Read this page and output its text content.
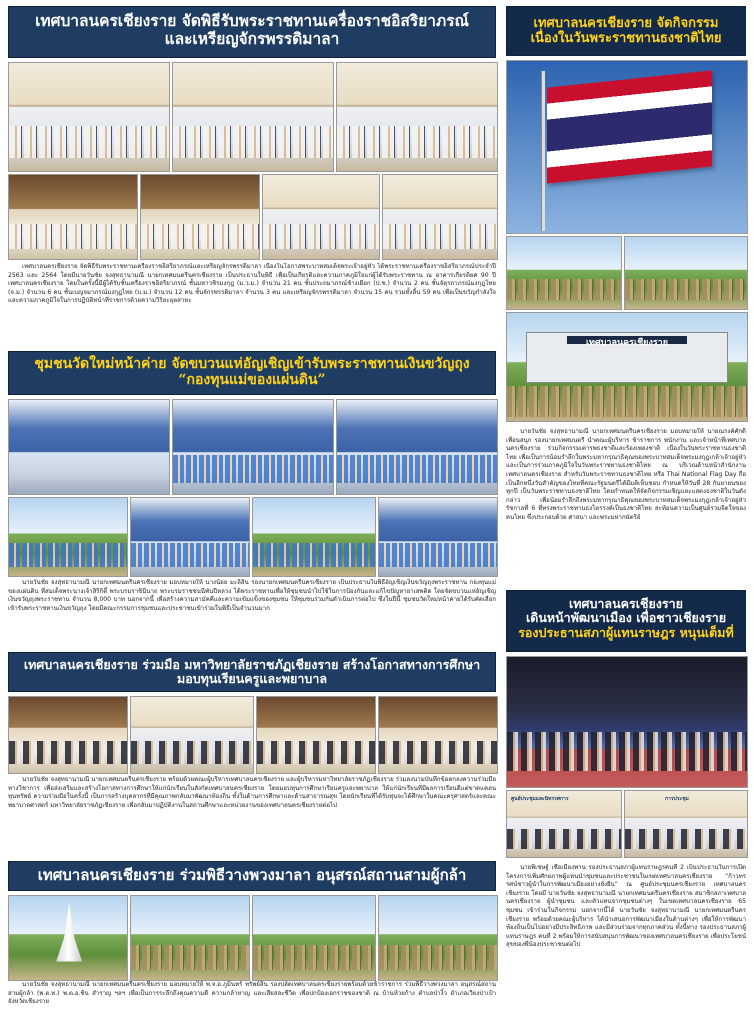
เทศบาลนครเชียงราย จัดพิธีรับพระราชทานเครื่องราชอิสริยาภรณ์
และเหรียญจักรพรรดิมาลา

เทศบาลนครเชียงราย จัดพิธีรับพระราชทานเครื่องราชอิสริยาภรณ์และเหรียญจักรพรรดิมาลา เนื่องในโอกาสพระบาทสมเด็จพระเจ้าอยู่หัว ได้พระราชทานเครื่องราชอิสริยาภรณ์ประจำปี 2563 และ 2564 โดยมีนายวันชัย จงสุทธานามณี นายกเทศมนตรีนครเชียงราย เป็นประธานในพิธี เพื่อเป็นเกียรติและความภาคภูมิใจแก่ผู้ได้รับพระราชทาน ณ อาคารเกียรติยศ 90 ปี เทศบาลนครเชียงราย โดยในครั้งนี้มีผู้ได้รับชั้นเครื่องราชอิสริยาภรณ์ ชั้นมหาวชิรมงกุฎ (ม.ว.ม.) จำนวน 21 คน ชั้นประถมาภรณ์ช้างเผือก (ป.ช.) จำนวน 2 คน ชั้นจัตุรถาภรณ์มงกุฎไทย (จ.ม.) จำนวน 6 คน ชั้นเบญจมาภรณ์มงกุฎไทย (บ.ม.) จำนวน 12 คน ชั้นจักรพรรดิมาลา จำนวน 3 คน และเหรียญจักรพรรดิมาลา จำนวน 15 คน รวมทั้งสิ้น 59 คน เพื่อเป็นขวัญกำลังใจและความภาคภูมิใจในการปฏิบัติหน้าที่ราชการด้วยความวิริยะอุตสาหะ

ชุมชนวัดใหม่หน้าค่าย จัดขบวนแห่อัญเชิญเข้ารับพระราชทานเงินขวัญถุง
“กองทุนแม่ของแผ่นดิน”

นายวันชัย จงสุทธานามณี นายกเทศมนตรีนครเชียงราย มอบหมายให้ นางน้อย มะลิสิน รองนายกเทศมนตรีนครเชียงราย เป็นประธานในพิธีอัญเชิญเงินขวัญถุงพระราชทาน กองทุนแม่ของแผ่นดิน ที่สมเด็จพระนางเจ้าสิริกิติ์ พระบรมราชินีนาถ พระบรมราชชนนีพันปีหลวง ได้พระราชทานเพื่อให้ชุมชนนำไปใช้ในการป้องกันและแก้ไขปัญหายาเสพติด โดยจัดขบวนแห่อัญเชิญเงินขวัญถุงพระราชทาน จำนวน 8,000 บาท นอกจากนี้ เพื่อสร้างความสามัคคีและความเข้มแข็งของชุมชน ให้ชุมชนร่วมกันดำเนินการต่อไป ซึ่งในปีนี้ ชุมชนวัดใหม่หน้าค่ายได้รับคัดเลือกเข้ารับพระราชทานเงินขวัญถุง โดยมีคณะกรรมการชุมชนและประชาชนเข้าร่วมในพิธีเป็นจำนวนมาก

เทศบาลนครเชียงราย ร่วมมือ มหาวิทยาลัยราชภัฏเชียงราย สร้างโอกาสทางการศึกษา
มอบทุนเรียนครูและพยาบาล

นายวันชัย จงสุทธานามณี นายกเทศมนตรีนครเชียงราย พร้อมด้วยคณะผู้บริหารเทศบาลนครเชียงราย และผู้บริหารมหาวิทยาลัยราชภัฏเชียงราย ร่วมลงนามบันทึกข้อตกลงความร่วมมือทางวิชาการ เพื่อส่งเสริมและสร้างโอกาสทางการศึกษาให้แก่นักเรียนในสังกัดเทศบาลนครเชียงราย โดยมอบทุนการศึกษาเรียนครูและพยาบาล ให้แก่นักเรียนที่มีผลการเรียนดีแต่ขาดแคลนทุนทรัพย์ ความร่วมมือในครั้งนี้ เป็นการสร้างบุคลากรที่มีคุณภาพกลับมาพัฒนาท้องถิ่น ทั้งในด้านการศึกษาและด้านสาธารณสุข โดยนักเรียนที่ได้รับทุนจะได้ศึกษาในคณะครุศาสตร์และคณะพยาบาลศาสตร์ มหาวิทยาลัยราชภัฏเชียงราย เพื่อกลับมาปฏิบัติงานในสถานศึกษาและหน่วยงานของเทศบาลนครเชียงรายต่อไป

เทศบาลนครเชียงราย ร่วมพิธีวางพวงมาลา อนุสรณ์สถานสามผู้กล้า

นายวันชัย จงสุทธานามณี นายกเทศมนตรีนครเชียงราย มอบหมายให้ พ.จ.อ.ภูมินทร์ ทรัพย์สิน รองปลัดเทศบาลนครเชียงรายพร้อมด้วยข้าราชการ ร่วมพิธีวางพวงมาลา อนุสรณ์สถานสามผู้กล้า (พ.ต.ท.) พ.ต.อ.ชิน สำราญ ฯลฯ เพื่อเป็นการระลึกถึงคุณความดี ความกล้าหาญ และเสียสละชีวิต เพื่อปกป้องเอกราชของชาติ ณ บ้านห้วยก้าง ตำบลป่างิ้ว อำเภอเวียงป่าเป้า จังหวัดเชียงราย

เทศบาลนครเชียงราย จัดกิจกรรม
เนื่องในวันพระราชทานธงชาติไทย
เทศบาลนครเชียงราย

นายวันชัย จงสุทธานามณี นายกเทศมนตรีนครเชียงราย มอบหมายให้ นายณรงค์ศักดิ์ เพื่อนสนุก รองนายกเทศมนตรี นำคณะผู้บริหาร ข้าราชการ พนักงาน และเจ้าหน้าที่เทศบาลนครเชียงราย ร่วมกิจกรรมเคารพธงชาติและร้องเพลงชาติ เนื่องในวันพระราชทานธงชาติไทย เพื่อเป็นการน้อมรำลึกในพระมหากรุณาธิคุณของพระบาทสมเด็จพระมงกุฎเกล้าเจ้าอยู่หัว และเป็นการร่วมภาคภูมิใจในวันพระราชทานธงชาติไทย ณ บริเวณด้านหน้าสำนักงานเทศบาลนครเชียงราย สำหรับวันพระราชทานธงชาติไทย หรือ Thai National Flag Day ถือเป็นอีกหนึ่งวันสำคัญของไทยที่คณะรัฐมนตรีได้มีมติเห็นชอบ กำหนดให้วันที่ 28 กันยายนของทุกปี เป็นวันพระราชทานธงชาติไทย โดยกำหนดให้จัดกิจกรรมเชิญและแสดงธงชาติในวันดังกล่าว เพื่อน้อมรำลึกถึงพระมหากรุณาธิคุณของพระบาทสมเด็จพระมงกุฎเกล้าเจ้าอยู่หัว รัชกาลที่ 6 ที่ทรงพระราชทานธงไตรรงค์เป็นธงชาติไทย สะท้อนความเป็นศูนย์รวมจิตใจของคนไทย ซึ่งประกอบด้วย ศาสนา และพระมหากษัตริย์

เทศบาลนครเชียงราย
เดินหน้าพัฒนาเมือง เพื่อชาวเชียงราย
รองประธานสภาผู้แทนราษฎร หนุนเต็มที่
ศูนย์ประชุมและนิทรรศการ	การประชุม

นายพิเชษฐ์ เชื้อเมืองพาน รองประธานสภาผู้แทนราษฎรคนที่ 2 เป็นประธานในการเปิด โครงการเพิ่มศักยภาพผู้แทนนำชุมชนและประชาชนในเขตเทศบาลนครเชียงราย “ก้าวทรรศน์ชาวผู้นำในการพัฒนาเมืองอย่างยั่งยืน” ณ ศูนย์ประชุมนครเชียงราย เทศบาลนครเชียงราย โดยมี นายวันชัย จงสุทธานามณี นายกเทศมนตรีนครเชียงราย สมาชิกสภาเทศบาลนครเชียงราย ผู้นำชุมชน และตัวแทนจากชุมชนต่างๆ ในเขตเทศบาลนครเชียงราย 65 ชุมชน เข้าร่วมในกิจกรรม นอกจากนี้ได้ นายวันชัย จงสุทธานามณี นายกเทศมนตรีนครเชียงราย พร้อมด้วยคณะผู้บริหาร ได้นำเสนอการพัฒนาเมืองในด้านต่างๆ เพื่อให้การพัฒนาท้องถิ่นเป็นไปอย่างมีประสิทธิภาพ และมีส่วนร่วมจากทุกภาคส่วน ทั้งนี้ทาง รองประธานสภาผู้แทนราษฎร คนที่ 2 พร้อมให้การสนับสนุนการพัฒนาของเทศบาลนครเชียงราย เพื่อประโยชน์สุขของพี่น้องประชาชนต่อไป
